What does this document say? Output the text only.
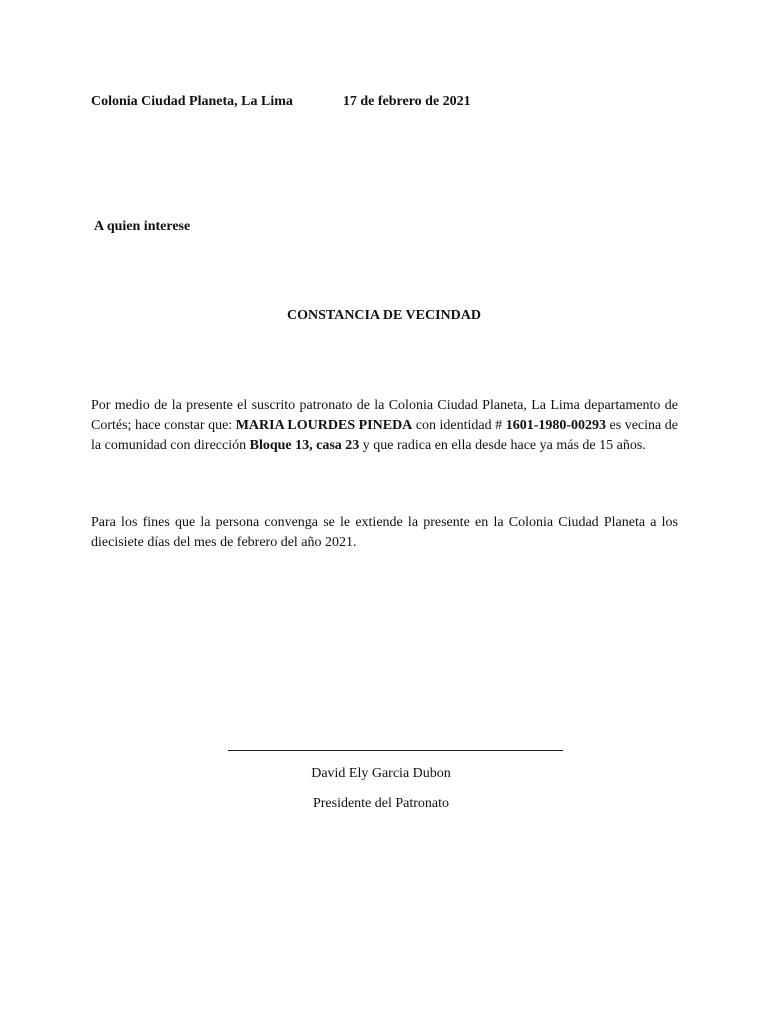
Colonia Ciudad Planeta, La Lima	17 de febrero de 2021
A quien interese
CONSTANCIA DE VECINDAD
Por medio de la presente el suscrito patronato de la Colonia Ciudad Planeta, La Lima departamento de Cortés; hace constar que: MARIA LOURDES PINEDA con identidad # 1601-1980-00293 es vecina de la comunidad con dirección Bloque 13, casa 23 y que radica en ella desde hace ya más de 15 años.
Para los fines que la persona convenga se le extiende la presente en la Colonia Ciudad Planeta a los diecisiete días del mes de febrero del año 2021.
David Ely Garcia Dubon
Presidente del Patronato
